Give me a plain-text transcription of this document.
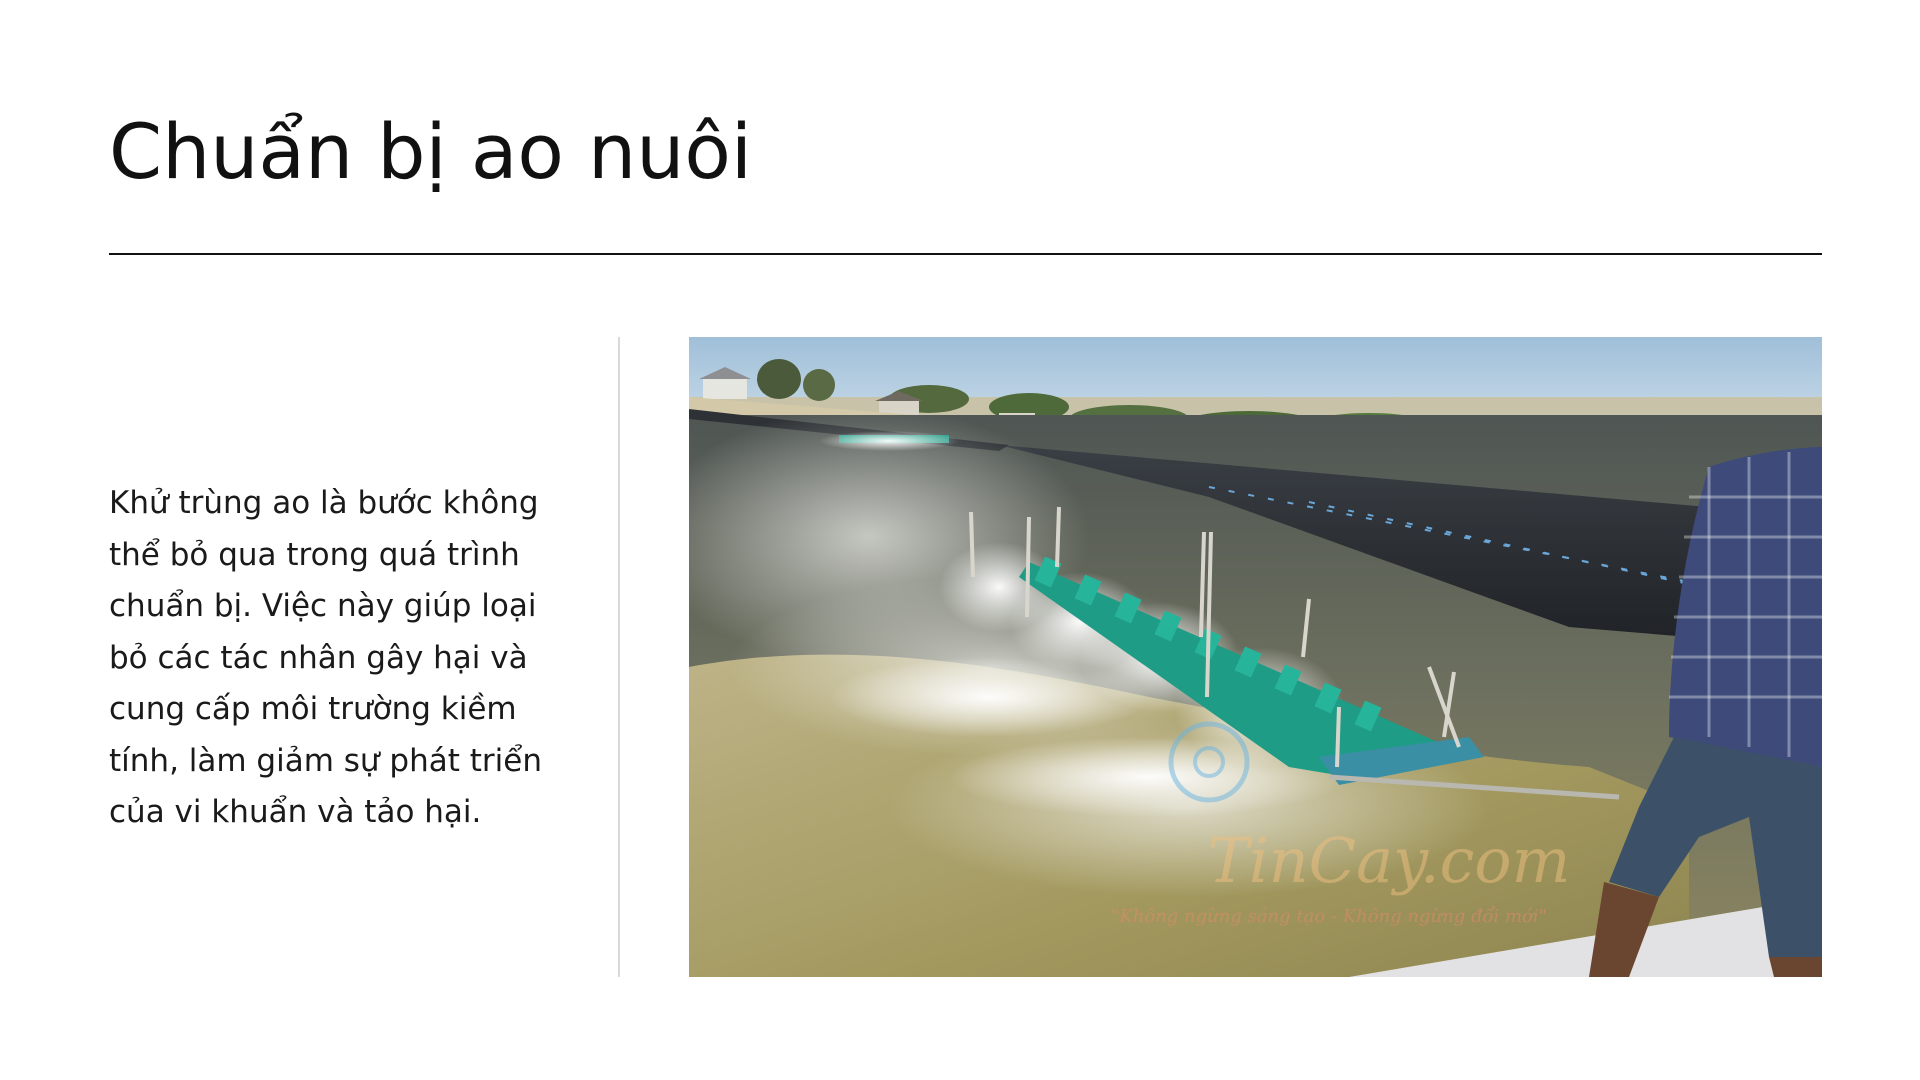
Chuẩn bị ao nuôi

Khử trùng ao là bước không thể bỏ qua trong quá trình chuẩn bị. Việc này giúp loại bỏ các tác nhân gây hại và cung cấp môi trường kiềm tính, làm giảm sự phát triển của vi khuẩn và tảo hại.

TinCay.com
"Không ngừng sáng tạo - Không ngừng đổi mới"
